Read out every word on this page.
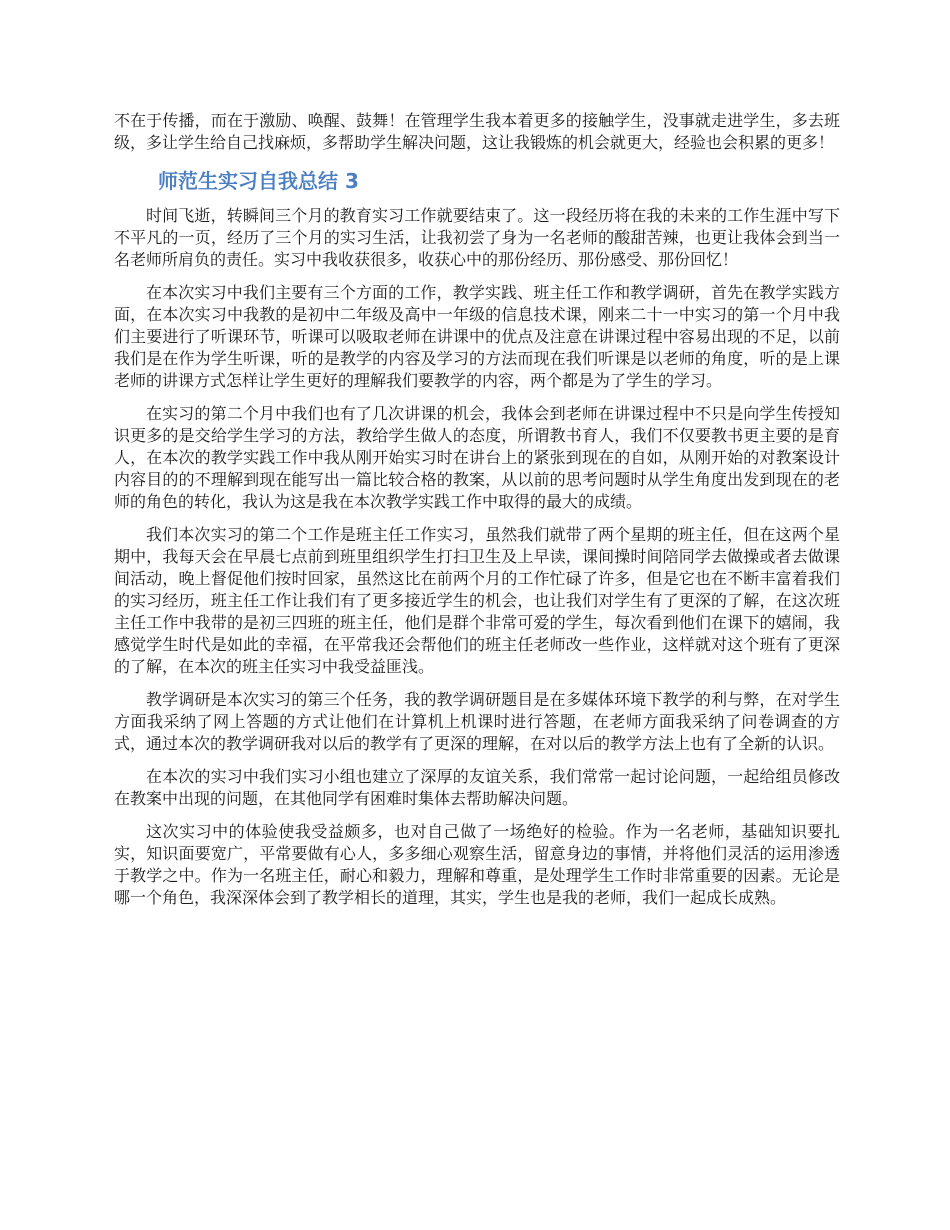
不在于传播，而在于激励、唤醒、鼓舞！在管理学生我本着更多的接触学生，没事就走进学生，多去班级，多让学生给自己找麻烦，多帮助学生解决问题，这让我锻炼的机会就更大，经验也会积累的更多！

师范生实习自我总结 3

时间飞逝，转瞬间三个月的教育实习工作就要结束了。这一段经历将在我的未来的工作生涯中写下不平凡的一页，经历了三个月的实习生活，让我初尝了身为一名老师的酸甜苦辣，也更让我体会到当一名老师所肩负的责任。实习中我收获很多，收获心中的那份经历、那份感受、那份回忆！

在本次实习中我们主要有三个方面的工作，教学实践、班主任工作和教学调研，首先在教学实践方面，在本次实习中我教的是初中二年级及高中一年级的信息技术课，刚来二十一中实习的第一个月中我们主要进行了听课环节，听课可以吸取老师在讲课中的优点及注意在讲课过程中容易出现的不足，以前我们是在作为学生听课，听的是教学的内容及学习的方法而现在我们听课是以老师的角度，听的是上课老师的讲课方式怎样让学生更好的理解我们要教学的内容，两个都是为了学生的学习。

在实习的第二个月中我们也有了几次讲课的机会，我体会到老师在讲课过程中不只是向学生传授知识更多的是交给学生学习的方法，教给学生做人的态度，所谓教书育人，我们不仅要教书更主要的是育人，在本次的教学实践工作中我从刚开始实习时在讲台上的紧张到现在的自如，从刚开始的对教案设计内容目的的不理解到现在能写出一篇比较合格的教案，从以前的思考问题时从学生角度出发到现在的老师的角色的转化，我认为这是我在本次教学实践工作中取得的最大的成绩。

我们本次实习的第二个工作是班主任工作实习，虽然我们就带了两个星期的班主任，但在这两个星期中，我每天会在早晨七点前到班里组织学生打扫卫生及上早读，课间操时间陪同学去做操或者去做课间活动，晚上督促他们按时回家，虽然这比在前两个月的工作忙碌了许多，但是它也在不断丰富着我们的实习经历，班主任工作让我们有了更多接近学生的机会，也让我们对学生有了更深的了解，在这次班主任工作中我带的是初三四班的班主任，他们是群个非常可爱的学生，每次看到他们在课下的嬉闹，我感觉学生时代是如此的幸福，在平常我还会帮他们的班主任老师改一些作业，这样就对这个班有了更深的了解，在本次的班主任实习中我受益匪浅。

教学调研是本次实习的第三个任务，我的教学调研题目是在多媒体环境下教学的利与弊，在对学生方面我采纳了网上答题的方式让他们在计算机上机课时进行答题，在老师方面我采纳了问卷调查的方式，通过本次的教学调研我对以后的教学有了更深的理解，在对以后的教学方法上也有了全新的认识。

在本次的实习中我们实习小组也建立了深厚的友谊关系，我们常常一起讨论问题，一起给组员修改在教案中出现的问题，在其他同学有困难时集体去帮助解决问题。

这次实习中的体验使我受益颇多，也对自己做了一场绝好的检验。作为一名老师，基础知识要扎实，知识面要宽广，平常要做有心人，多多细心观察生活，留意身边的事情，并将他们灵活的运用渗透于教学之中。作为一名班主任，耐心和毅力，理解和尊重，是处理学生工作时非常重要的因素。无论是哪一个角色，我深深体会到了教学相长的道理，其实，学生也是我的老师，我们一起成长成熟。
